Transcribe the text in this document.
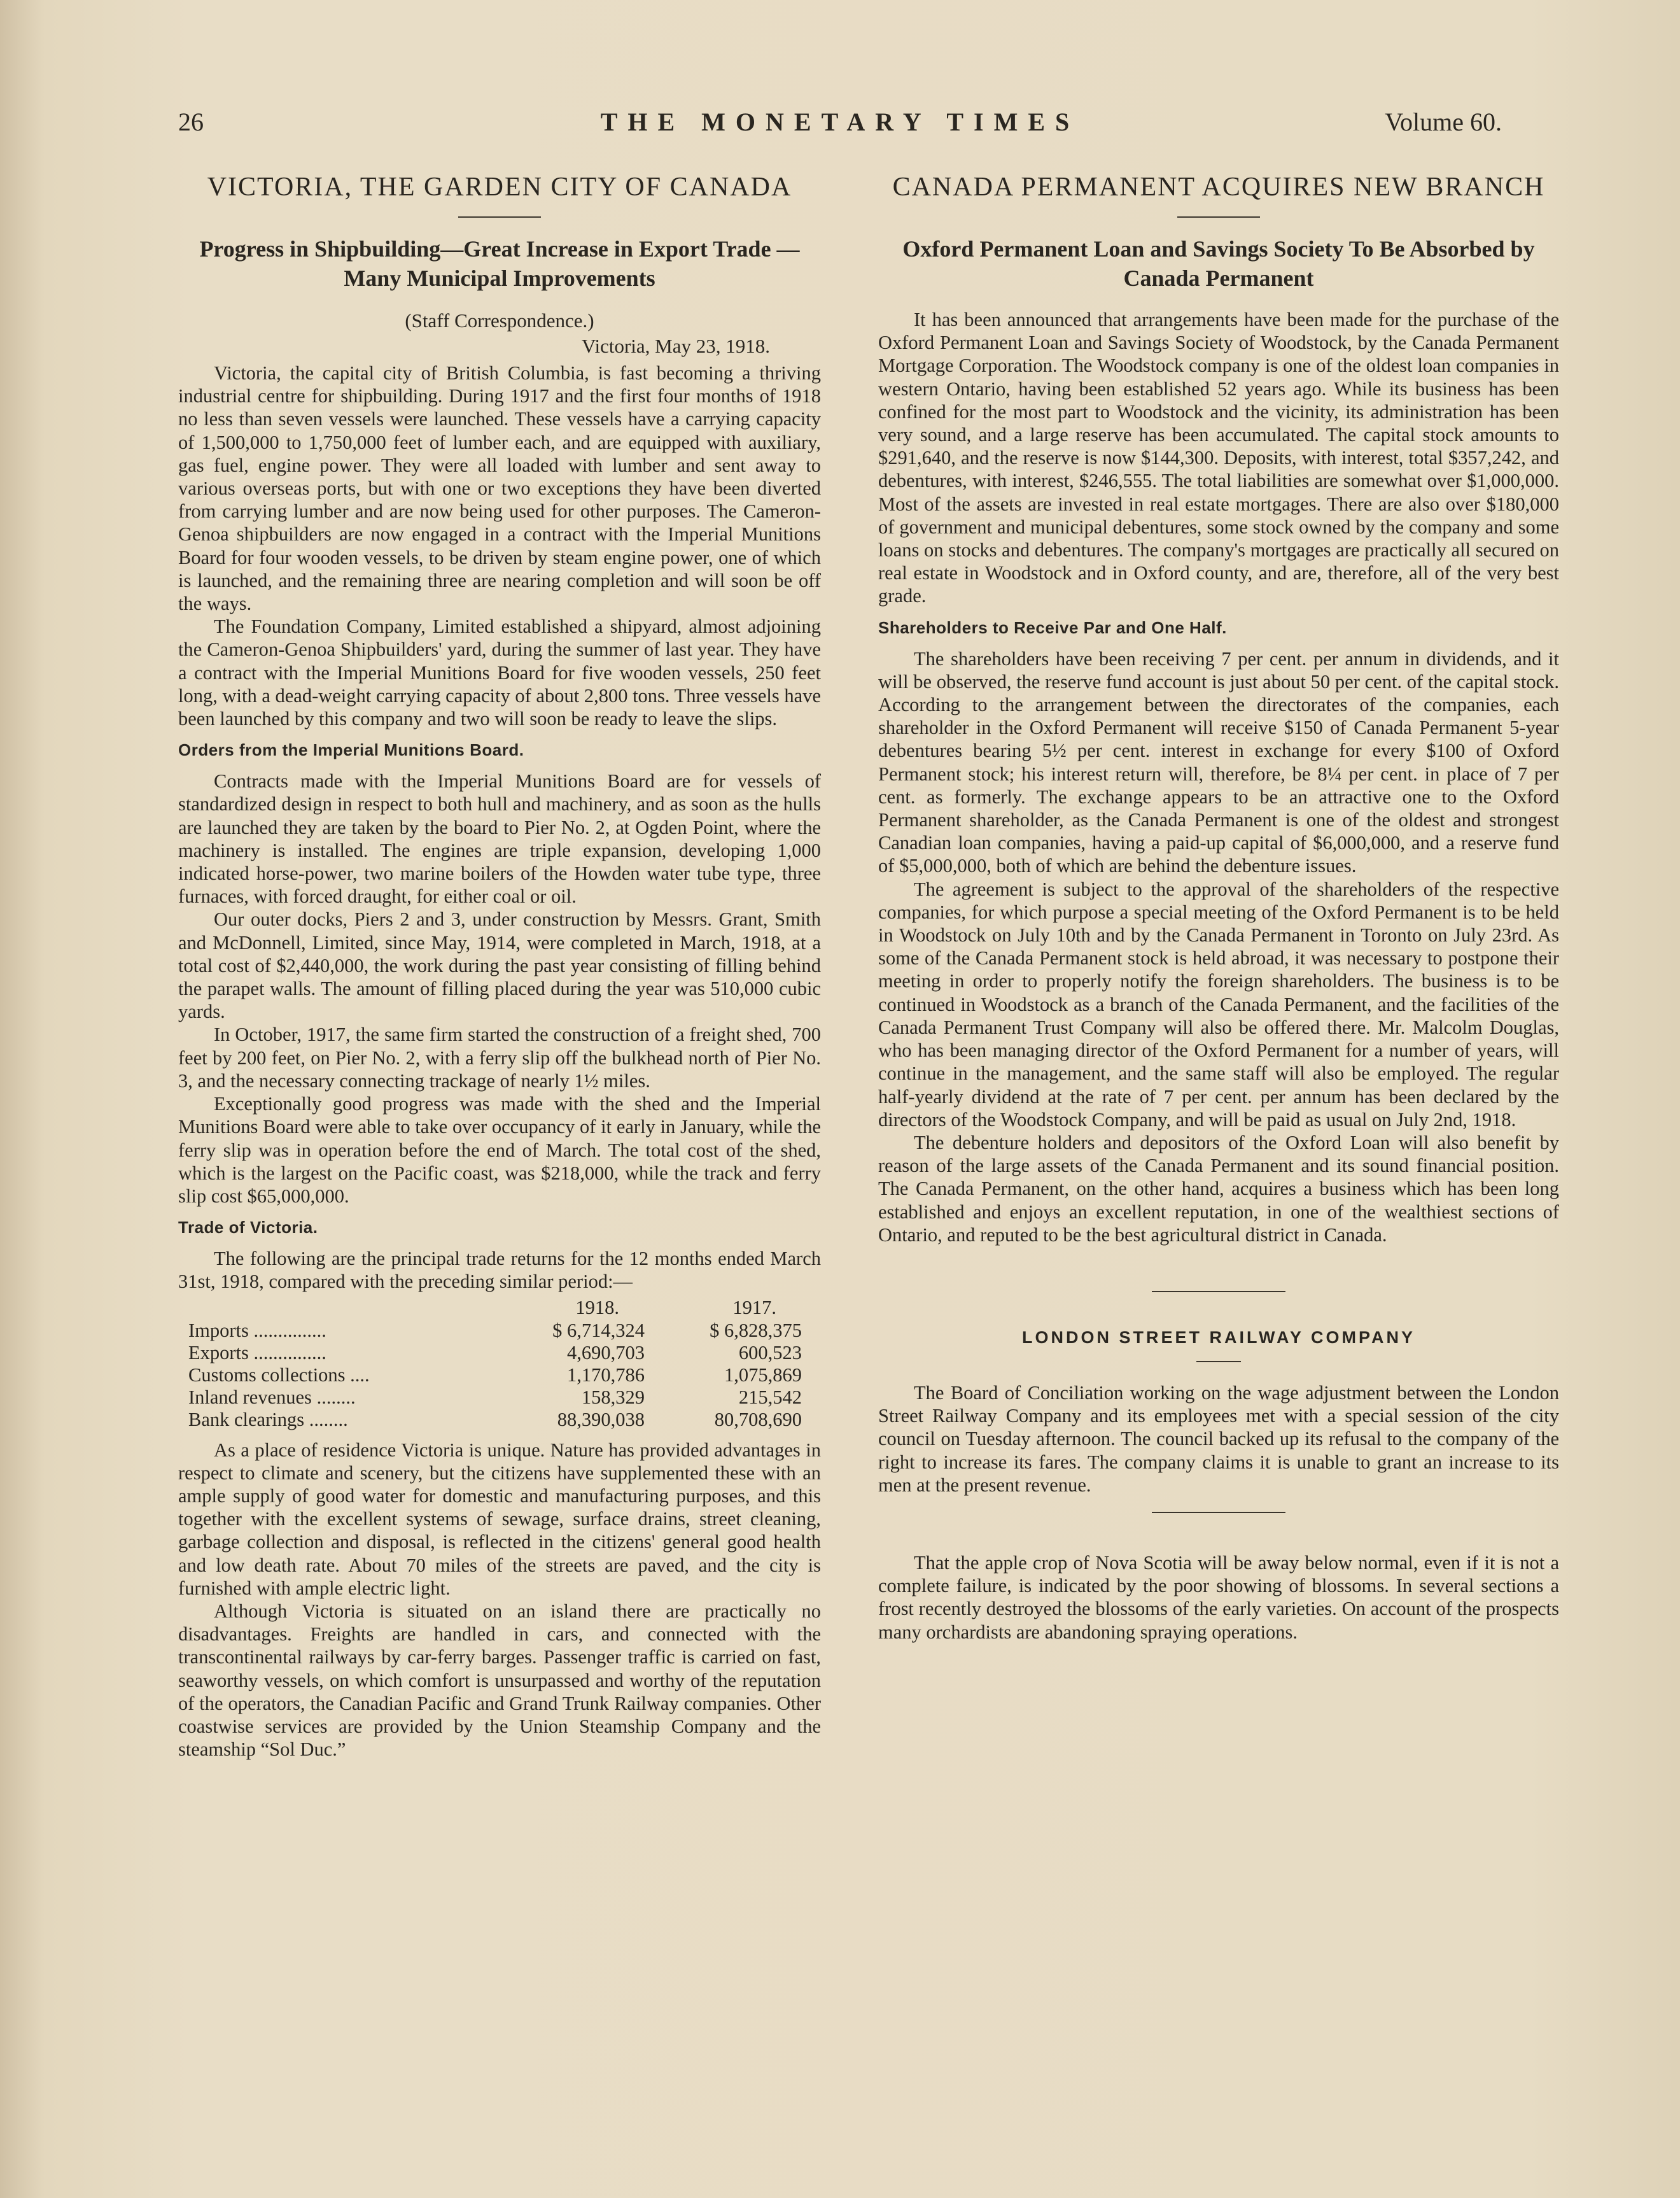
26	THE MONETARY TIMES	Volume 60.
VICTORIA, THE GARDEN CITY OF CANADA
Progress in Shipbuilding—Great Increase in Export Trade —Many Municipal Improvements

(Staff Correspondence.)

Victoria, May 23, 1918.

Victoria, the capital city of British Columbia, is fast becoming a thriving industrial centre for shipbuilding. During 1917 and the first four months of 1918 no less than seven vessels were launched. These vessels have a carrying capacity of 1,500,000 to 1,750,000 feet of lumber each, and are equipped with auxiliary, gas fuel, engine power. They were all loaded with lumber and sent away to various overseas ports, but with one or two exceptions they have been diverted from carrying lumber and are now being used for other purposes. The Cameron-Genoa shipbuilders are now engaged in a contract with the Imperial Munitions Board for four wooden vessels, to be driven by steam engine power, one of which is launched, and the remaining three are nearing completion and will soon be off the ways.

The Foundation Company, Limited established a shipyard, almost adjoining the Cameron-Genoa Shipbuilders' yard, during the summer of last year. They have a contract with the Imperial Munitions Board for five wooden vessels, 250 feet long, with a dead-weight carrying capacity of about 2,800 tons. Three vessels have been launched by this company and two will soon be ready to leave the slips.

Orders from the Imperial Munitions Board.

Contracts made with the Imperial Munitions Board are for vessels of standardized design in respect to both hull and machinery, and as soon as the hulls are launched they are taken by the board to Pier No. 2, at Ogden Point, where the machinery is installed. The engines are triple expansion, developing 1,000 indicated horse-power, two marine boilers of the Howden water tube type, three furnaces, with forced draught, for either coal or oil.

Our outer docks, Piers 2 and 3, under construction by Messrs. Grant, Smith and McDonnell, Limited, since May, 1914, were completed in March, 1918, at a total cost of $2,440,000, the work during the past year consisting of filling behind the parapet walls. The amount of filling placed during the year was 510,000 cubic yards.

In October, 1917, the same firm started the construction of a freight shed, 700 feet by 200 feet, on Pier No. 2, with a ferry slip off the bulkhead north of Pier No. 3, and the necessary connecting trackage of nearly 1½ miles.

Exceptionally good progress was made with the shed and the Imperial Munitions Board were able to take over occupancy of it early in January, while the ferry slip was in operation before the end of March. The total cost of the shed, which is the largest on the Pacific coast, was $218,000, while the track and ferry slip cost $65,000,000.

Trade of Victoria.

The following are the principal trade returns for the 12 months ended March 31st, 1918, compared with the preceding similar period:—

	1918.	1917.
Imports ...............	$ 6,714,324	$ 6,828,375
Exports ...............	4,690,703	600,523
Customs collections ....	1,170,786	1,075,869
Inland revenues ........	158,329	215,542
Bank clearings ........	88,390,038	80,708,690

As a place of residence Victoria is unique. Nature has provided advantages in respect to climate and scenery, but the citizens have supplemented these with an ample supply of good water for domestic and manufacturing purposes, and this together with the excellent systems of sewage, surface drains, street cleaning, garbage collection and disposal, is reflected in the citizens' general good health and low death rate. About 70 miles of the streets are paved, and the city is furnished with ample electric light.

Although Victoria is situated on an island there are practically no disadvantages. Freights are handled in cars, and connected with the transcontinental railways by car-ferry barges. Passenger traffic is carried on fast, seaworthy vessels, on which comfort is unsurpassed and worthy of the reputation of the operators, the Canadian Pacific and Grand Trunk Railway companies. Other coastwise services are provided by the Union Steamship Company and the steamship “Sol Duc.”

CANADA PERMANENT ACQUIRES NEW BRANCH
Oxford Permanent Loan and Savings Society To Be Absorbed by Canada Permanent

It has been announced that arrangements have been made for the purchase of the Oxford Permanent Loan and Savings Society of Woodstock, by the Canada Permanent Mortgage Corporation. The Woodstock company is one of the oldest loan companies in western Ontario, having been established 52 years ago. While its business has been confined for the most part to Woodstock and the vicinity, its administration has been very sound, and a large reserve has been accumulated. The capital stock amounts to $291,640, and the reserve is now $144,300. Deposits, with interest, total $357,242, and debentures, with interest, $246,555. The total liabilities are somewhat over $1,000,000. Most of the assets are invested in real estate mortgages. There are also over $180,000 of government and municipal debentures, some stock owned by the company and some loans on stocks and debentures. The company's mortgages are practically all secured on real estate in Woodstock and in Oxford county, and are, therefore, all of the very best grade.

Shareholders to Receive Par and One Half.

The shareholders have been receiving 7 per cent. per annum in dividends, and it will be observed, the reserve fund account is just about 50 per cent. of the capital stock. According to the arrangement between the directorates of the companies, each shareholder in the Oxford Permanent will receive $150 of Canada Permanent 5-year debentures bearing 5½ per cent. interest in exchange for every $100 of Oxford Permanent stock; his interest return will, therefore, be 8¼ per cent. in place of 7 per cent. as formerly. The exchange appears to be an attractive one to the Oxford Permanent shareholder, as the Canada Permanent is one of the oldest and strongest Canadian loan companies, having a paid-up capital of $6,000,000, and a reserve fund of $5,000,000, both of which are behind the debenture issues.

The agreement is subject to the approval of the shareholders of the respective companies, for which purpose a special meeting of the Oxford Permanent is to be held in Woodstock on July 10th and by the Canada Permanent in Toronto on July 23rd. As some of the Canada Permanent stock is held abroad, it was necessary to postpone their meeting in order to properly notify the foreign shareholders. The business is to be continued in Woodstock as a branch of the Canada Permanent, and the facilities of the Canada Permanent Trust Company will also be offered there. Mr. Malcolm Douglas, who has been managing director of the Oxford Permanent for a number of years, will continue in the management, and the same staff will also be employed. The regular half-yearly dividend at the rate of 7 per cent. per annum has been declared by the directors of the Woodstock Company, and will be paid as usual on July 2nd, 1918.

The debenture holders and depositors of the Oxford Loan will also benefit by reason of the large assets of the Canada Permanent and its sound financial position. The Canada Permanent, on the other hand, acquires a business which has been long established and enjoys an excellent reputation, in one of the wealthiest sections of Ontario, and reputed to be the best agricultural district in Canada.

LONDON STREET RAILWAY COMPANY

The Board of Conciliation working on the wage adjustment between the London Street Railway Company and its employees met with a special session of the city council on Tuesday afternoon. The council backed up its refusal to the company of the right to increase its fares. The company claims it is unable to grant an increase to its men at the present revenue.

That the apple crop of Nova Scotia will be away below normal, even if it is not a complete failure, is indicated by the poor showing of blossoms. In several sections a frost recently destroyed the blossoms of the early varieties. On account of the prospects many orchardists are abandoning spraying operations.
